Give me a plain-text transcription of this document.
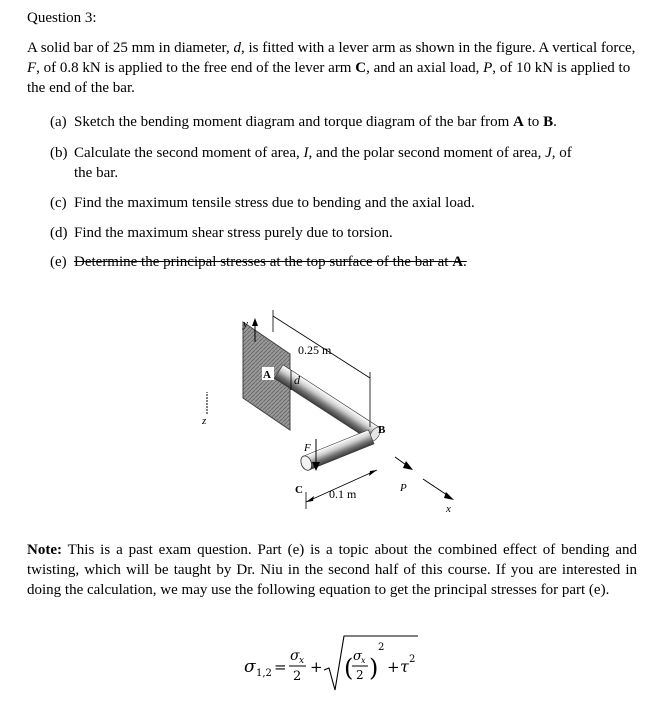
Question 3:
A solid bar of 25 mm in diameter, d, is fitted with a lever arm as shown in the figure. A vertical force, F, of 0.8 kN is applied to the free end of the lever arm C, and an axial load, P, of 10 kN is applied to the end of the bar.
(a) Sketch the bending moment diagram and torque diagram of the bar from A to B.
(b) Calculate the second moment of area, I, and the polar second moment of area, J, of
the bar.
(c) Find the maximum tensile stress due to bending and the axial load.
(d) Find the maximum shear stress purely due to torsion.
(e) Determine the principal stresses at the top surface of the bar at A.
y
z
A d
0.25 m
B
F
C 0.1 m	P
x
Note: This is a past exam question. Part (e) is a topic about the combined effect of bending and twisting, which will be taught by Dr. Niu in the second half of this course. If you are interested in doing the calculation, we may use the following equation to get the principal stresses for part (e).
σ 1,2 =
σ x
2
+ ( σ x
2 )
2
+ τ 2
